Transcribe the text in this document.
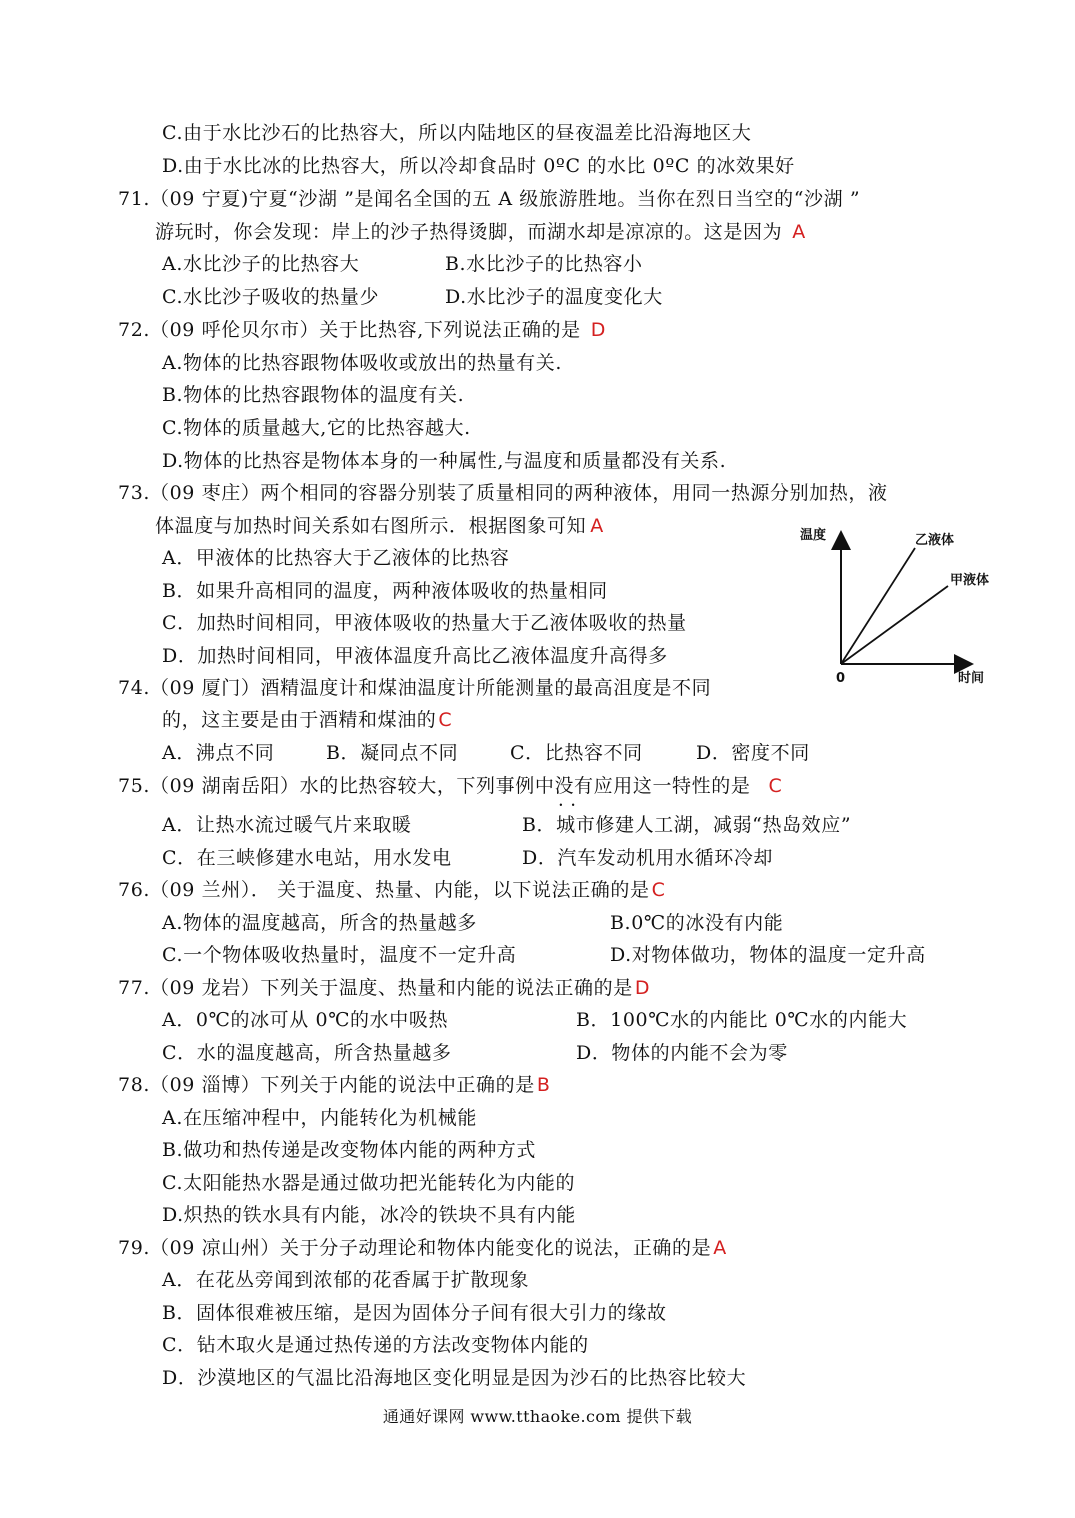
C.由于水比沙石的比热容大，所以内陆地区的昼夜温差比沿海地区大
D.由于水比冰的比热容大，所以冷却食品时 0ºC 的水比 0ºC 的冰效果好
71.（09 宁夏)宁夏“沙湖 ”是闻名全国的五 A 级旅游胜地。当你在烈日当空的“沙湖 ”
游玩时，你会发现：岸上的沙子热得烫脚，而湖水却是凉凉的。这是因为 A
A.水比沙子的比热容大	B.水比沙子的比热容小
C.水比沙子吸收的热量少	D.水比沙子的温度变化大
72.（09 呼伦贝尔市）关于比热容,下列说法正确的是 D
A.物体的比热容跟物体吸收或放出的热量有关.
B.物体的比热容跟物体的温度有关.
C.物体的质量越大,它的比热容越大.
D.物体的比热容是物体本身的一种属性,与温度和质量都没有关系.
73.（09 枣庄）两个相同的容器分别装了质量相同的两种液体，用同一热源分别加热，液
体温度与加热时间关系如右图所示．根据图象可知 A
A．甲液体的比热容大于乙液体的比热容
B．如果升高相同的温度，两种液体吸收的热量相同
C．加热时间相同，甲液体吸收的热量大于乙液体吸收的热量
D．加热时间相同，甲液体温度升高比乙液体温度升高得多
温度
时间
0
乙液体
甲液体
74.（09 厦门）酒精温度计和煤油温度计所能测量的最高沮度是不同
的，这主要是由于酒精和煤油的 C
A．沸点不同	B．凝同点不同	C．比热容不同	D．密度不同
75.（09 湖南岳阳）水的比热容较大，下列事例中没有 •   •应用这一特性的是 C
A．让热水流过暖气片来取暖	B．城市修建人工湖，减弱“热岛效应”
C．在三峡修建水电站，用水发电	D．汽车发动机用水循环冷却
76.（09 兰州）． 关于温度、热量、内能，以下说法正确的是 C
A.物体的温度越高，所含的热量越多	B.0℃的冰没有内能
C.一个物体吸收热量时，温度不一定升高	D.对物体做功，物体的温度一定升高
77.（09 龙岩）下列关于温度、热量和内能的说法正确的是 D
A．0℃的冰可从 0℃的水中吸热	B．100℃水的内能比 0℃水的内能大
C．水的温度越高，所含热量越多	D．物体的内能不会为零
78.（09 淄博）下列关于内能的说法中正确的是 B
A.在压缩冲程中，内能转化为机械能
B.做功和热传递是改变物体内能的两种方式
C.太阳能热水器是通过做功把光能转化为内能的
D.炽热的铁水具有内能，冰冷的铁块不具有内能
79.（09 凉山州）关于分子动理论和物体内能变化的说法，正确的是 A
A．在花丛旁闻到浓郁的花香属于扩散现象
B．固体很难被压缩，是因为固体分子间有很大引力的缘故
C．钻木取火是通过热传递的方法改变物体内能的
D．沙漠地区的气温比沿海地区变化明显是因为沙石的比热容比较大
通通好课网 www.tthaoke.com 提供下载
